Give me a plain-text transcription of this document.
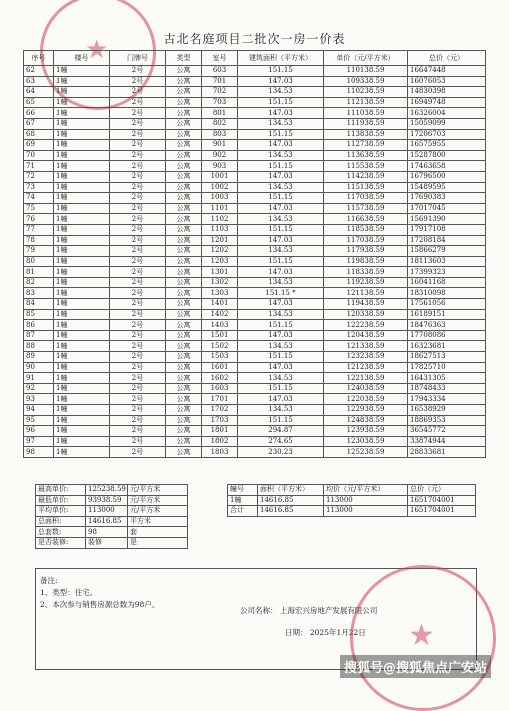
★	古北名庭项目二批次一房一价表
序号	楼号	门牌号	类型	室号	建筑面积（平方米）	单价（元/平方米）	总价（元）
62	1幢	2号	公寓	603	151.15	110138.59	16647448
63	1幢	2号	公寓	701	147.03	109338.59	16076053
64	1幢	2号	公寓	702	134.53	110238.59	14830398
65	1幢	2号	公寓	703	151.15	112138.59	16949748
66	1幢	2号	公寓	801	147.03	111038.59	16326004
67	1幢	2号	公寓	802	134.53	111938.59	15059099
68	1幢	2号	公寓	803	151.15	113838.59	17206703
69	1幢	2号	公寓	901	147.03	112738.59	16575955
70	1幢	2号	公寓	902	134.53	113638.59	15287800
71	1幢	2号	公寓	903	151.15	115538.59	17463658
72	1幢	2号	公寓	1001	147.03	114238.59	16796500
73	1幢	2号	公寓	1002	134.53	115138.59	15489595
74	1幢	2号	公寓	1003	151.15	117038.59	17690383
75	1幢	2号	公寓	1101	147.03	115738.59	17017045
76	1幢	2号	公寓	1102	134.53	116638.59	15691390
77	1幢	2号	公寓	1103	151.15	118538.59	17917108
78	1幢	2号	公寓	1201	147.03	117038.59	17208184
79	1幢	2号	公寓	1202	134.53	117938.59	15866279
80	1幢	2号	公寓	1203	151.15	119838.59	18113603
81	1幢	2号	公寓	1301	147.03	118338.59	17399323
82	1幢	2号	公寓	1302	134.53	119238.59	16041168
83	1幢	2号	公寓	1303	151.15 *	121138.59	18310098
84	1幢	2号	公寓	1401	147.03	119438.59	17561056
85	1幢	2号	公寓	1402	134.53	120338.59	16189151
86	1幢	2号	公寓	1403	151.15	122238.59	18476363
87	1幢	2号	公寓	1501	147.03	120438.59	17708086
88	1幢	2号	公寓	1502	134.53	121338.59	16323681
89	1幢	2号	公寓	1503	151.15	123238.59	18627513
90	1幢	2号	公寓	1601	147.03	121238.59	17825710
91	1幢	2号	公寓	1602	134.53	122138.59	16431305
92	1幢	2号	公寓	1603	151.15	124038.59	18748433
93	1幢	2号	公寓	1701	147.03	122038.59	17943334
94	1幢	2号	公寓	1702	134.53	122938.59	16538929
95	1幢	2号	公寓	1703	151.15	124838.59	18869353
96	1幢	2号	公寓	1801	294.87	123938.59	36545772
97	1幢	2号	公寓	1802	274.65	123038.59	33874944
98	1幢	2号	公寓	1803	230.23	125238.59	28833681
最高单价:	125238.59	元/平方米		幢号	面积（平方米）	均价（元/平方米）	总价（元）
最低单价:	93938.59	元/平方米		1幢	14616.85	113000	1651704001
平均单价:	113000	元/平方米		合计	14616.85	113000	1651704001
总面积:	14616.85	平方米					
总套数:	98	套					
是否装修:	装修	是					
备注:
1、类型：住宅。
2、本次参与销售房源总数为98户。
公司名称： 上海宏兴房地产发展有限公司
日期： 2025年1月22日 ★
搜狐号@搜狐焦点广安站
